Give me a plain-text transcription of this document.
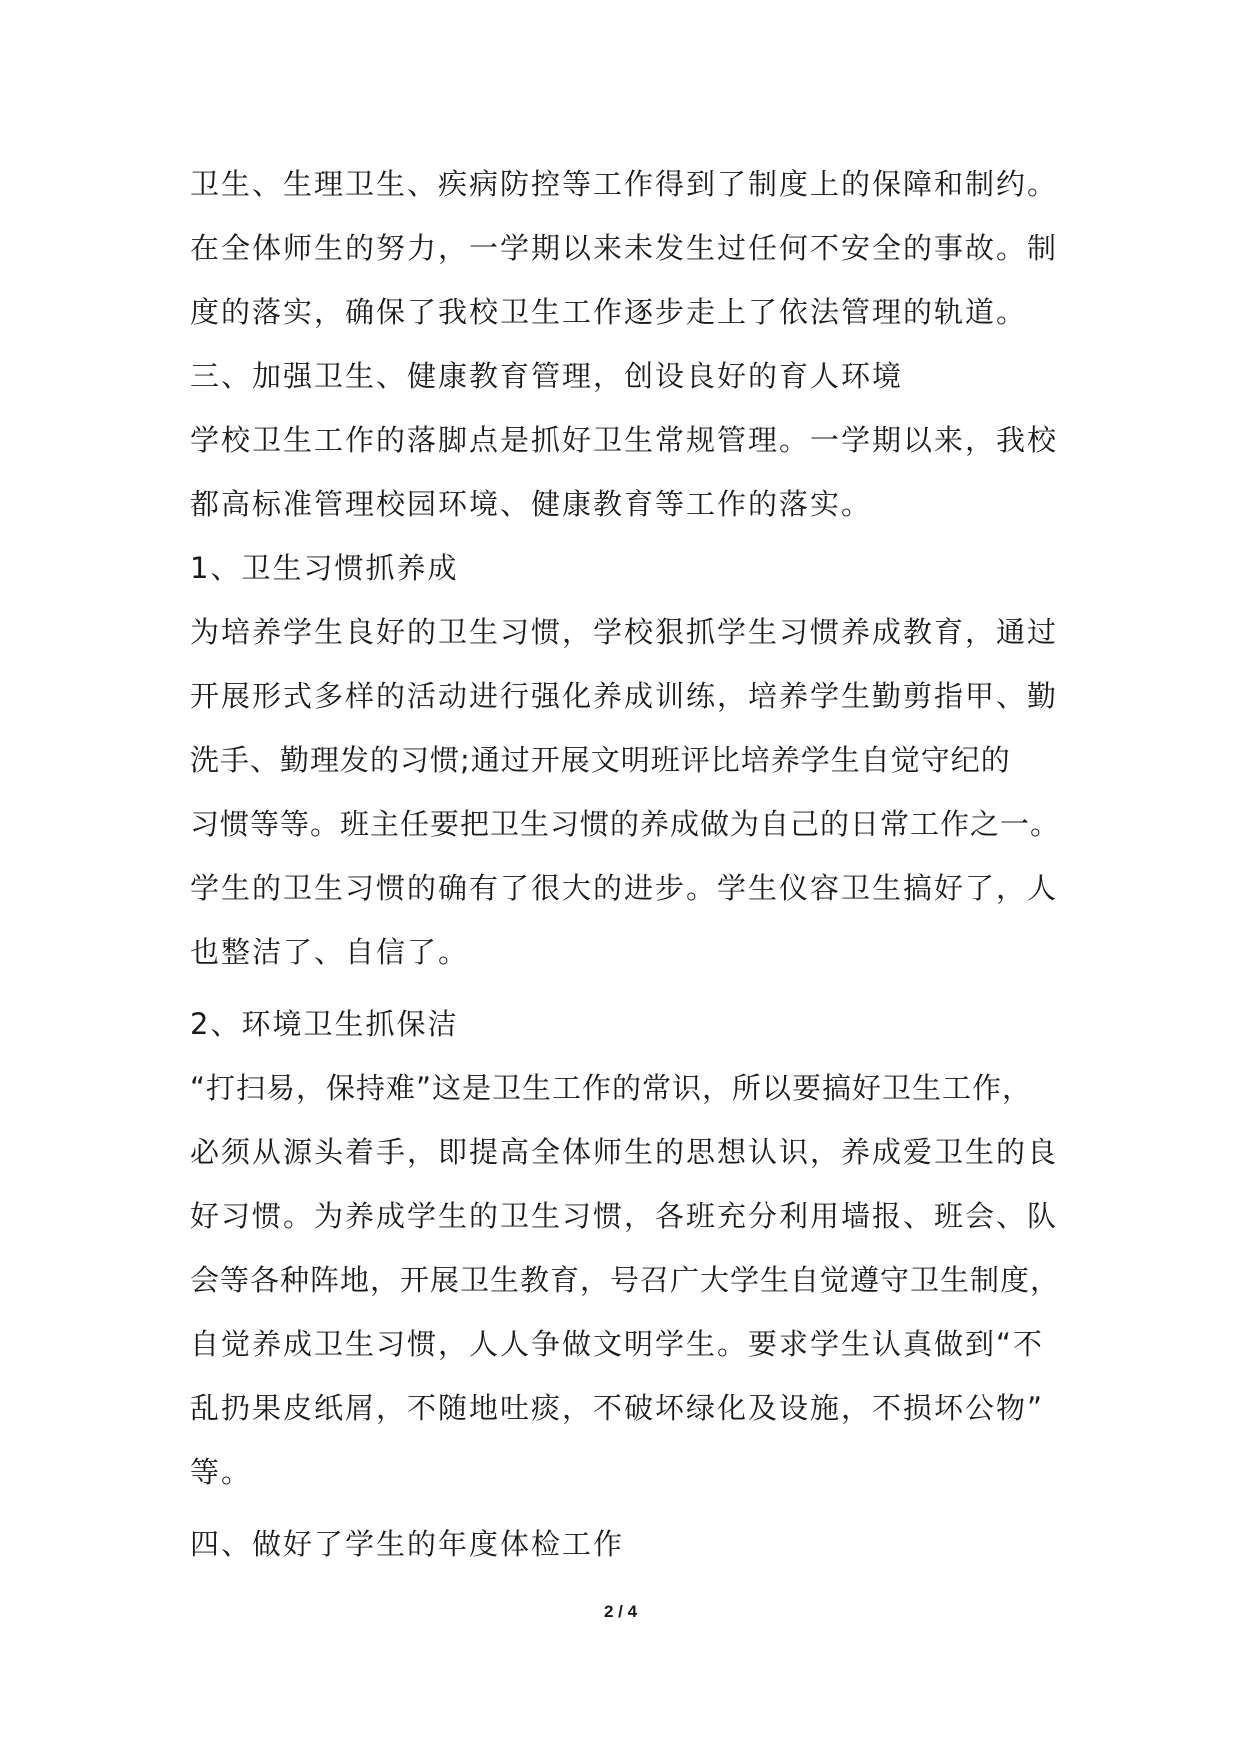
卫生、生理卫生、疾病防控等工作得到了制度上的保障和制约。
在全体师生的努力，一学期以来未发生过任何不安全的事故。制
度的落实，确保了我校卫生工作逐步走上了依法管理的轨道。
三、加强卫生、健康教育管理，创设良好的育人环境
学校卫生工作的落脚点是抓好卫生常规管理。一学期以来，我校
都高标准管理校园环境、健康教育等工作的落实。
1、卫生习惯抓养成
为培养学生良好的卫生习惯，学校狠抓学生习惯养成教育，通过
开展形式多样的活动进行强化养成训练，培养学生勤剪指甲、勤
洗手、勤理发的习惯;通过开展文明班评比培养学生自觉守纪的
习惯等等。班主任要把卫生习惯的养成做为自己的日常工作之一。
学生的卫生习惯的确有了很大的进步。学生仪容卫生搞好了，人
也整洁了、自信了。
2、环境卫生抓保洁
“打扫易，保持难”这是卫生工作的常识，所以要搞好卫生工作，
必须从源头着手，即提高全体师生的思想认识，养成爱卫生的良
好习惯。为养成学生的卫生习惯，各班充分利用墙报、班会、队
会等各种阵地，开展卫生教育，号召广大学生自觉遵守卫生制度，
自觉养成卫生习惯，人人争做文明学生。要求学生认真做到“不
乱扔果皮纸屑，不随地吐痰，不破坏绿化及设施，不损坏公物”
等。
四、做好了学生的年度体检工作
2 / 4
